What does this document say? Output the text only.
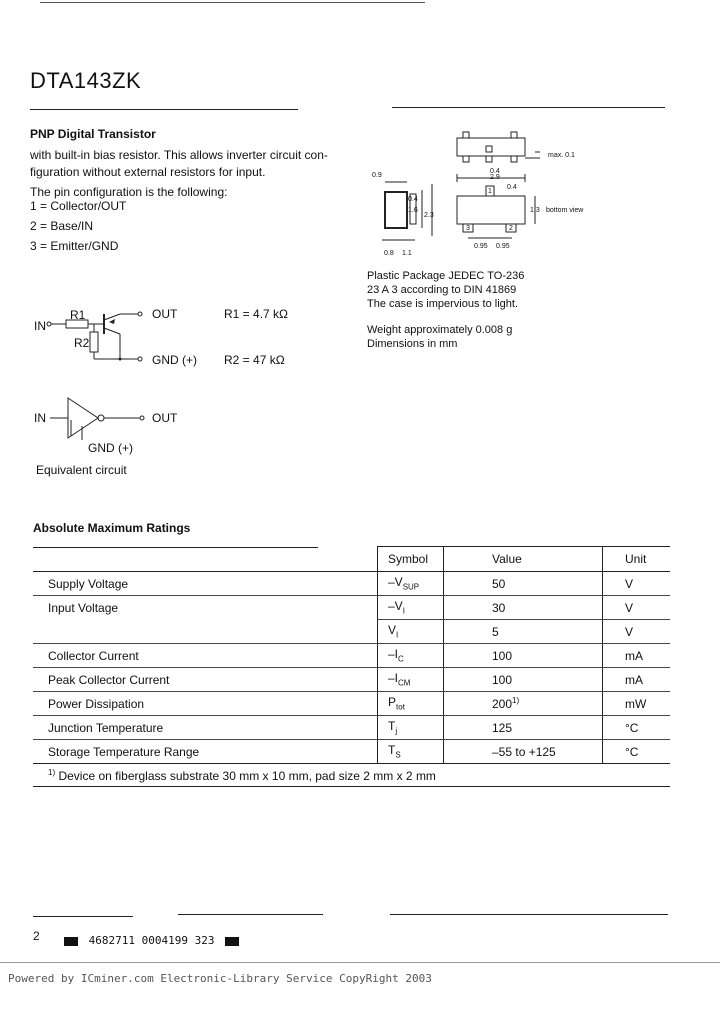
DTA143ZK
PNP Digital Transistor
with built-in bias resistor. This allows inverter circuit con-
figuration without external resistors for input.
The pin configuration is the following:
1 = Collector/OUT
2 = Base/IN
3 = Emitter/GND
IN
R1
R2
OUT
GND (+)
R1 = 4.7 kΩ
R2 = 47 kΩ
IN	OUT
GND (+)
Equivalent circuit
max. 0.1
0.9
0.4
2.9
0.4
1.6
2.3
1.3 bottom view
3	2
1
0.95 0.95
0.8 1.1
0.4
Plastic Package JEDEC TO-236
23 A 3 according to DIN 41869
The case is impervious to light.
Weight approximately 0.008 g
Dimensions in mm
Absolute Maximum Ratings
	Symbol	Value	Unit
Supply Voltage	$-V_{SUP}$	50	V
Input Voltage	$-V_I$	30	V
	$V_I$	5	V
Collector Current	$-I_C$	100	mA
Peak Collector Current	$-I_{CM}$	100	mA
Power Dissipation	$P_{tot}$	200$^{1)}$	mW
Junction Temperature	$T_j$	125	°C
Storage Temperature Range	$T_S$	–55 to +125	°C
$^{1)}$ Device on fiberglass substrate 30 mm x 10 mm, pad size 2 mm x 2 mm			
2	4682711 0004199 323
Powered by ICminer.com Electronic-Library Service CopyRight 2003
